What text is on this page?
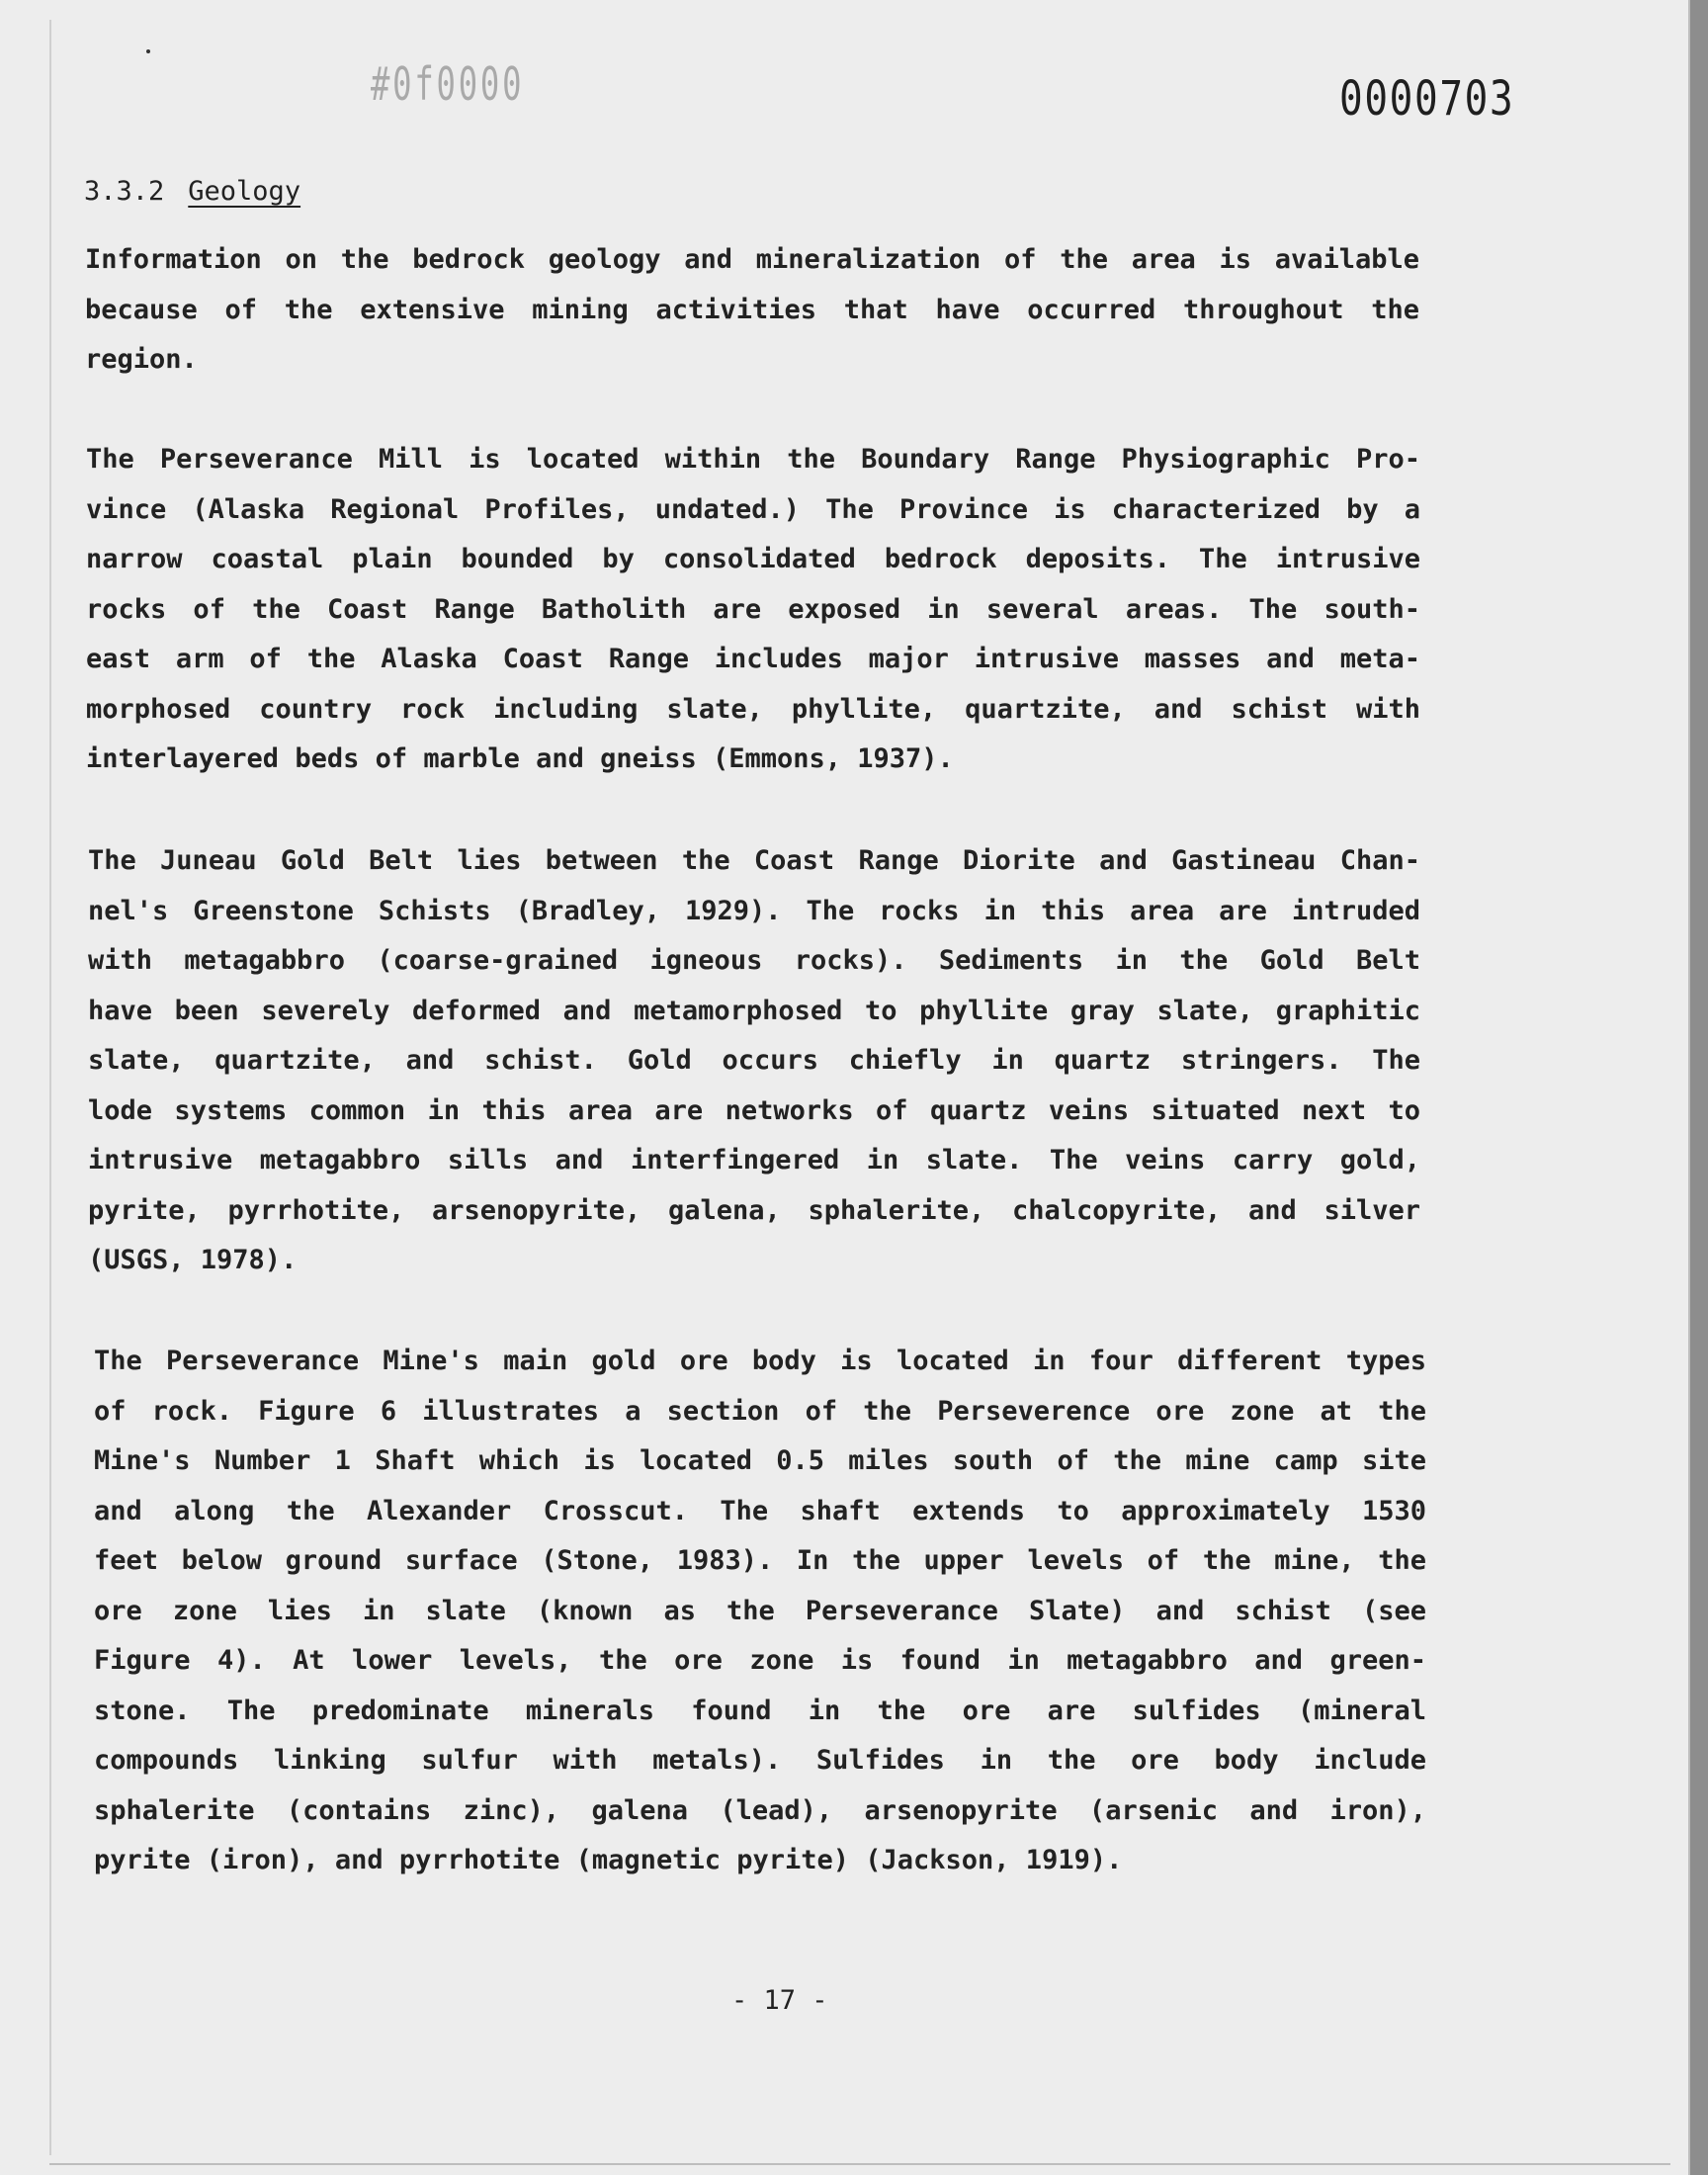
#0f0000	0000703
3.3.2 Geology
Information on the bedrock geology and mineralization of the area is available
because of the extensive mining activities that have occurred throughout the
region.
The Perseverance Mill is located within the Boundary Range Physiographic Pro-
vince (Alaska Regional Profiles, undated.) The Province is characterized by a
narrow coastal plain bounded by consolidated bedrock deposits. The intrusive
rocks of the Coast Range Batholith are exposed in several areas. The south-
east arm of the Alaska Coast Range includes major intrusive masses and meta-
morphosed country rock including slate, phyllite, quartzite, and schist with
interlayered beds of marble and gneiss (Emmons, 1937).
The Juneau Gold Belt lies between the Coast Range Diorite and Gastineau Chan-
nel's Greenstone Schists (Bradley, 1929). The rocks in this area are intruded
with metagabbro (coarse-grained igneous rocks). Sediments in the Gold Belt
have been severely deformed and metamorphosed to phyllite gray slate, graphitic
slate, quartzite, and schist. Gold occurs chiefly in quartz stringers. The
lode systems common in this area are networks of quartz veins situated next to
intrusive metagabbro sills and interfingered in slate. The veins carry gold,
pyrite, pyrrhotite, arsenopyrite, galena, sphalerite, chalcopyrite, and silver
(USGS, 1978).
The Perseverance Mine's main gold ore body is located in four different types
of rock. Figure 6 illustrates a section of the Perseverence ore zone at the
Mine's Number 1 Shaft which is located 0.5 miles south of the mine camp site
and along the Alexander Crosscut. The shaft extends to approximately 1530
feet below ground surface (Stone, 1983). In the upper levels of the mine, the
ore zone lies in slate (known as the Perseverance Slate) and schist (see
Figure 4). At lower levels, the ore zone is found in metagabbro and green-
stone. The predominate minerals found in the ore are sulfides (mineral
compounds linking sulfur with metals). Sulfides in the ore body include
sphalerite (contains zinc), galena (lead), arsenopyrite (arsenic and iron),
pyrite (iron), and pyrrhotite (magnetic pyrite) (Jackson, 1919).
- 17 -
